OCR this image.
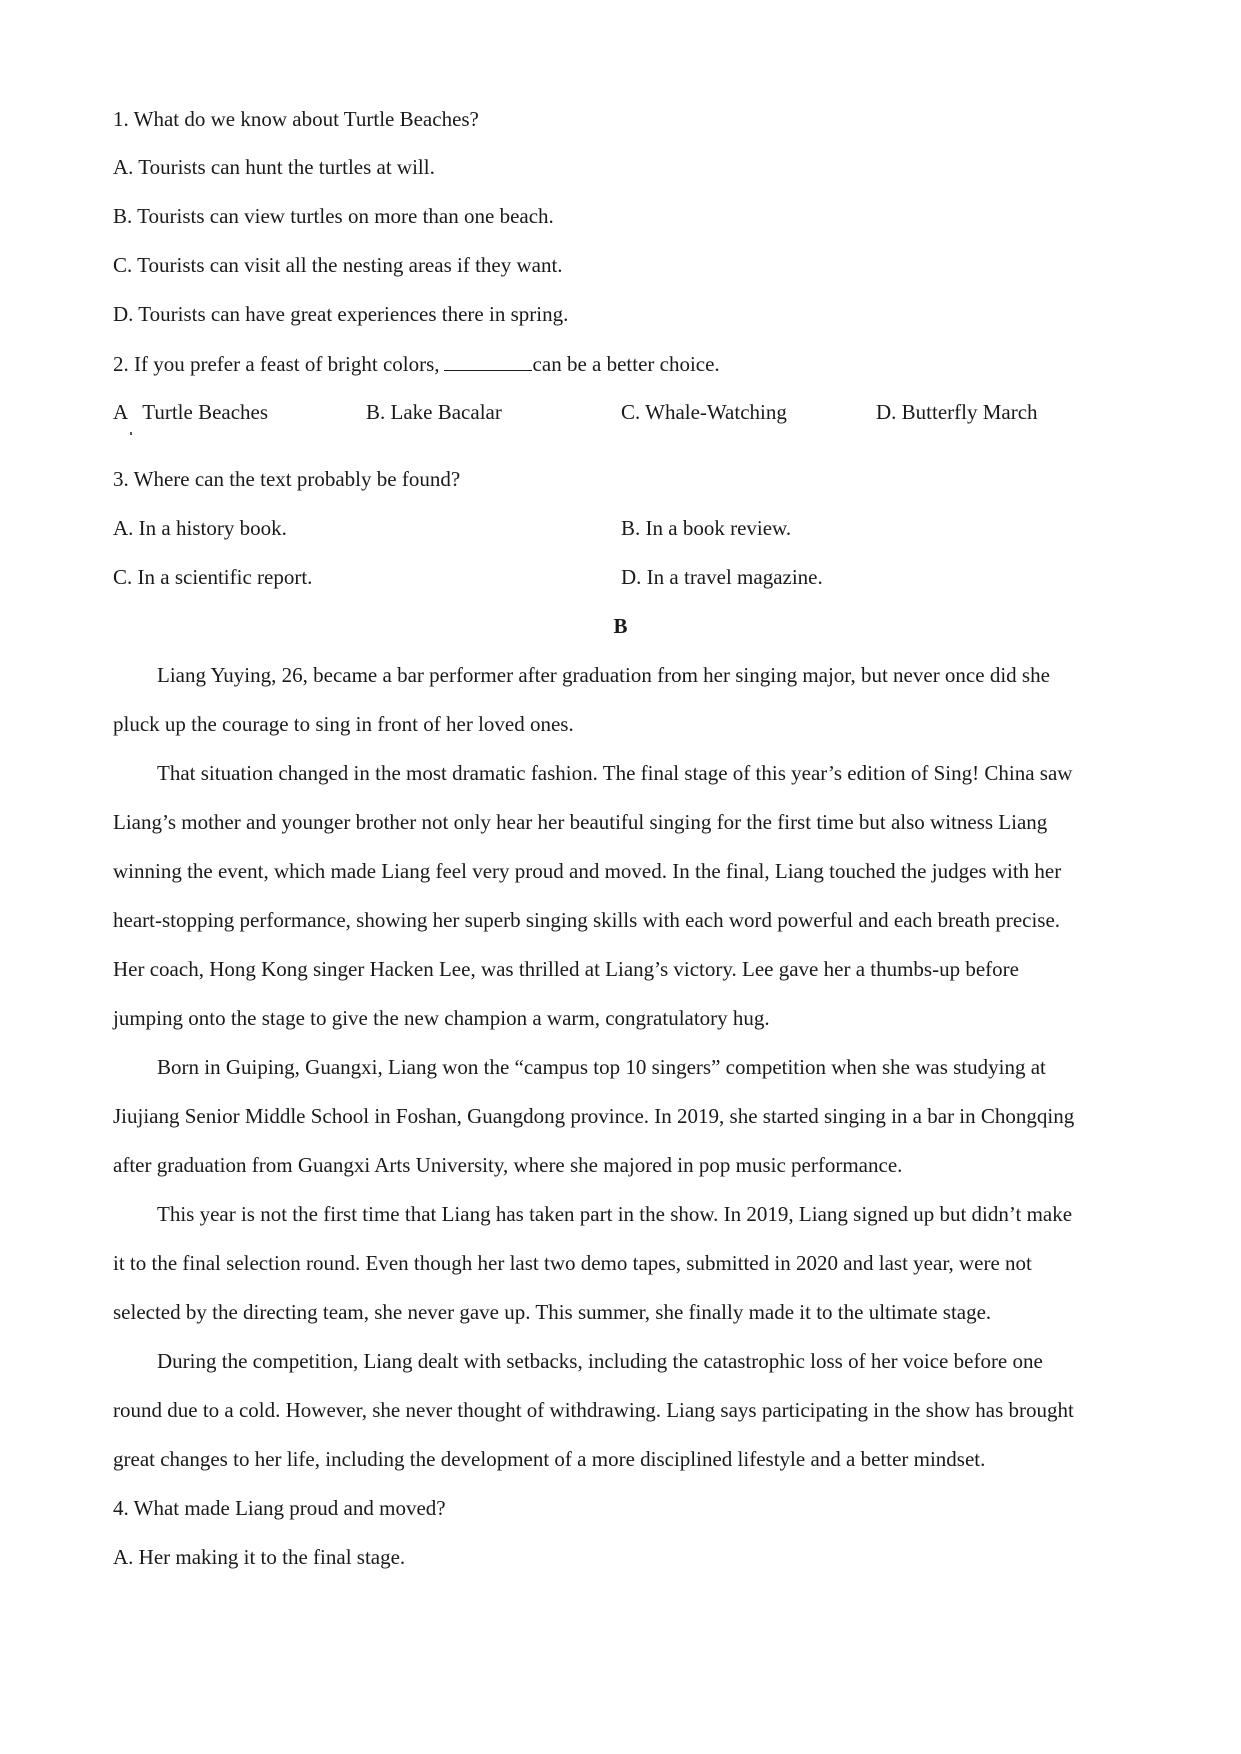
1. What do we know about Turtle Beaches?
A. Tourists can hunt the turtles at will.
B. Tourists can view turtles on more than one beach.
C. Tourists can visit all the nesting areas if they want.
D. Tourists can have great experiences there in spring.
2. If you prefer a feast of bright colors,	can be a better choice.
A Turtle Beaches	B. Lake Bacalar	C. Whale-Watching	D. Butterfly March
3. Where can the text probably be found?
A. In a history book.	B. In a book review.
C. In a scientific report.	D. In a travel magazine.
B
Liang Yuying, 26, became a bar performer after graduation from her singing major, but never once did she
pluck up the courage to sing in front of her loved ones.
That situation changed in the most dramatic fashion. The final stage of this year’s edition of Sing! China saw
Liang’s mother and younger brother not only hear her beautiful singing for the first time but also witness Liang
winning the event, which made Liang feel very proud and moved. In the final, Liang touched the judges with her
heart-stopping performance, showing her superb singing skills with each word powerful and each breath precise.
Her coach, Hong Kong singer Hacken Lee, was thrilled at Liang’s victory. Lee gave her a thumbs-up before
jumping onto the stage to give the new champion a warm, congratulatory hug.
Born in Guiping, Guangxi, Liang won the “campus top 10 singers” competition when she was studying at
Jiujiang Senior Middle School in Foshan, Guangdong province. In 2019, she started singing in a bar in Chongqing
after graduation from Guangxi Arts University, where she majored in pop music performance.
This year is not the first time that Liang has taken part in the show. In 2019, Liang signed up but didn’t make
it to the final selection round. Even though her last two demo tapes, submitted in 2020 and last year, were not
selected by the directing team, she never gave up. This summer, she finally made it to the ultimate stage.
During the competition, Liang dealt with setbacks, including the catastrophic loss of her voice before one
round due to a cold. However, she never thought of withdrawing. Liang says participating in the show has brought
great changes to her life, including the development of a more disciplined lifestyle and a better mindset.
4. What made Liang proud and moved?
A. Her making it to the final stage.
